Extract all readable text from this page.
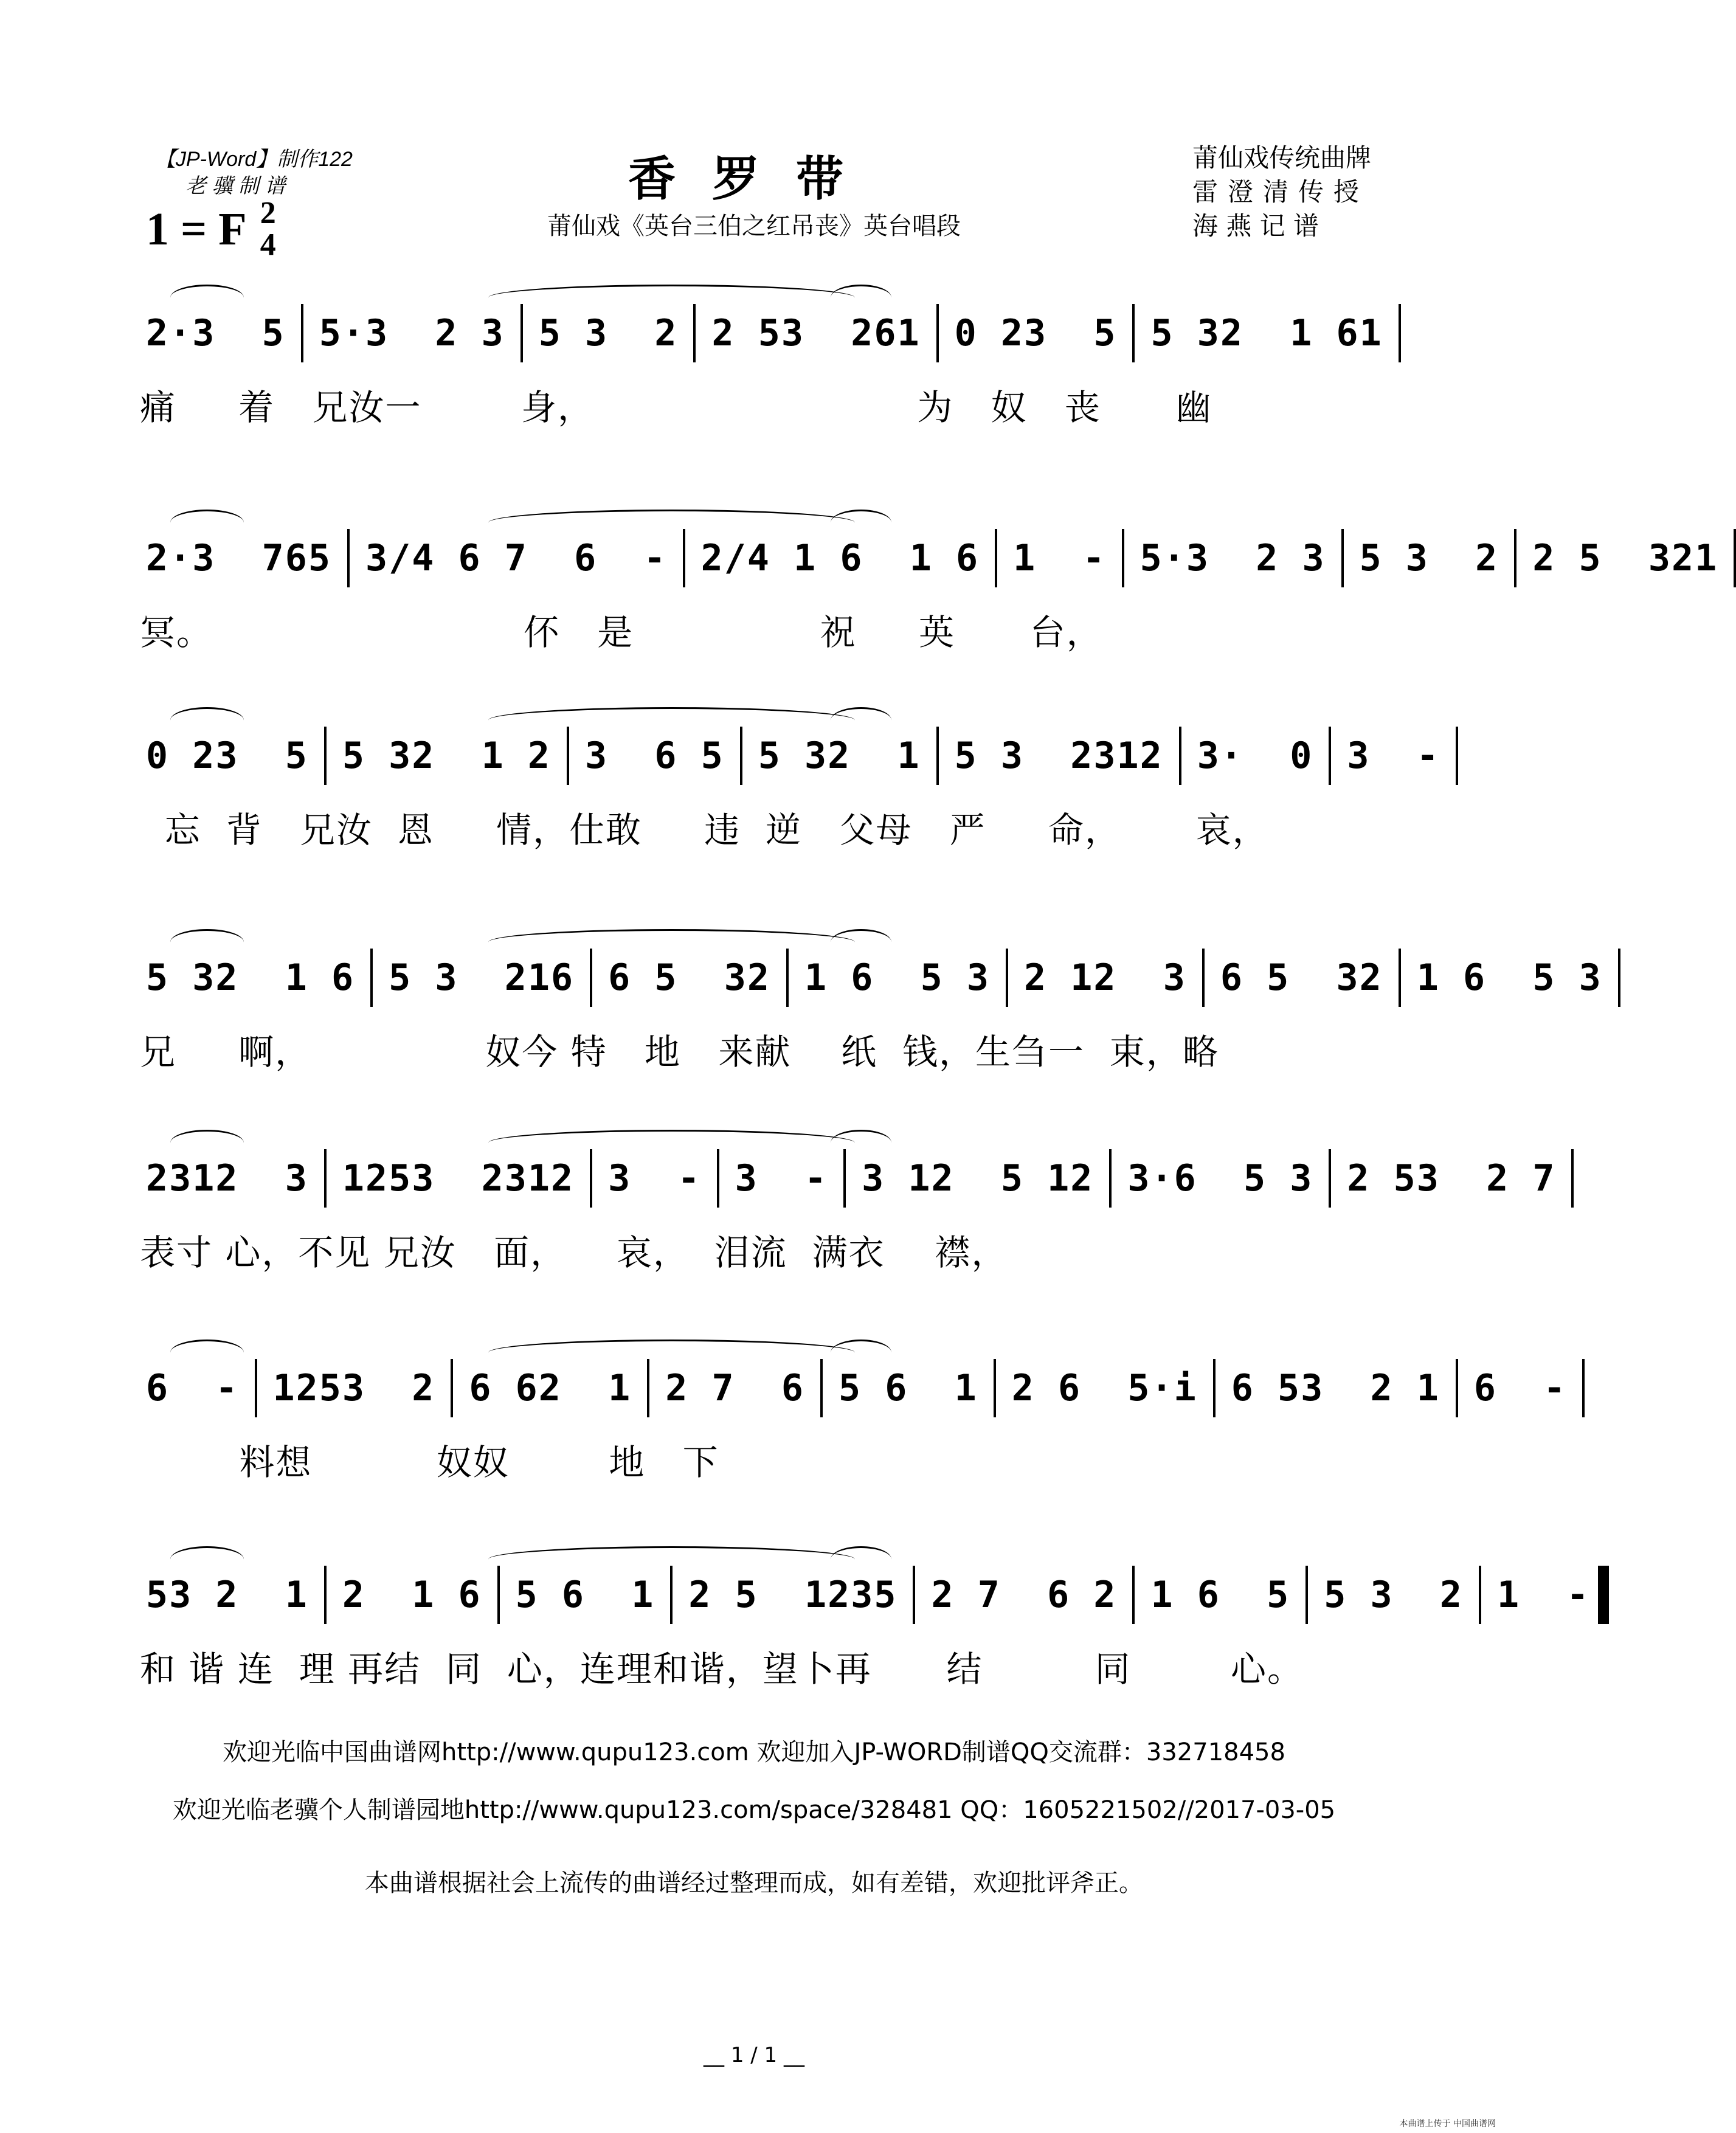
【JP-Word】制作122
老 骥 制 谱
1 = F 2
4
香罗带
莆仙戏《英台三伯之红吊丧》英台唱段
莆仙戏传统曲牌
雷澄清传授
海 燕 记 谱
2·3  5 5·3  2 3 5 3  2 2 53  261 0 23  5 5 32  1 61
痛     着   兄汝一        身，                          为   奴   丧      幽
2·3  765 3/4 6 7  6  - 2/4 1 6  1 6 1  - 5·3  2 3 5 3  2 2 5  321
冥。                         伓   是               祝     英      台，
0 23  5 5 32  1 2 3  6 5 5 32  1 5 3  2312 3·  0 3  -
忘  背   兄汝  恩     情，仕敢     违  逆   父母   严     命，      哀，
5 32  1 6 5 3  216 6 5  32 1 6  5 3 2 12  3 6 5  32 1 6  5 3
兄     啊，              奴今 特   地   来献    纸  钱，生刍一  束，略
2312  3 1253  2312 3  - 3  - 3 12  5 12 3·6  5 3 2 53  2 7
表寸 心，不见 兄汝   面，    哀，  泪流  满衣    襟，
6  - 1253  2 6 62  1 2 7  6 5 6  1 2 6  5·i 6 53  2 1 6  -
料想          奴奴        地   下
53 2  1 2  1 6 5 6  1 2 5  1235 2 7  6 2 1 6  5 5 3  2 1  -
和 谐 连  理 再结  同  心，连理和谐，望卜再      结         同        心。
欢迎光临中国曲谱网http://www.qupu123.com 欢迎加入JP-WORD制谱QQ交流群：332718458
欢迎光临老骥个人制谱园地http://www.qupu123.com/space/328481 QQ：1605221502//2017-03-05
本曲谱根据社会上流传的曲谱经过整理而成，如有差错，欢迎批评斧正。
__ 1 / 1 __
本曲谱上传于 中国曲谱网
